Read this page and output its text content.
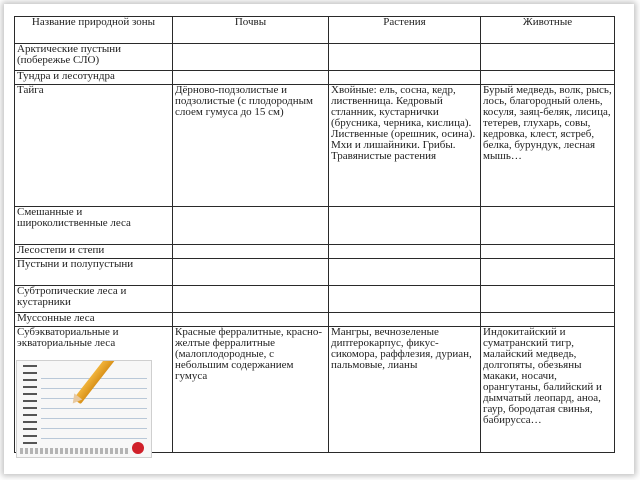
Название природной зоны	Почвы	Растения	Животные
Арктические пустыни (побережье СЛО)			
Тундра и лесотундра			
Тайга	Дёрново-подзолистые и подзолистые (с плодородным слоем гумуса до 15 см)	Хвойные: ель, сосна, кедр, лиственница. Кедровый стланник, кустарнички (брусника, черника, кислица). Лиственные (орешник, осина). Мхи и лишайники. Грибы. Травянистые растения	Бурый медведь, волк, рысь, лось, благородный олень, косуля, заяц-беляк, лисица, тетерев, глухарь, совы, кедровка, клест, ястреб, белка, бурундук, лесная мышь…
Смешанные и широколиственные леса			
Лесостепи и степи			
Пустыни и полупустыни			
Субтропические леса и кустарники			
Муссонные леса			
Субэкваториальные и экваториальные леса	Красные ферралитные, красно-желтые ферралитные (малоплодородные, с небольшим содержанием гумуса	Мангры, вечнозеленые диптерокарпус, фикус-сикомора, раффлезия, дуриан, пальмовые, лианы	Индокитайский и суматранский тигр, малайский медведь, долгопяты, обезьяны макаки, носачи, орангутаны, балийский и дымчатый леопард, аноа, гаур, бородатая свинья, бабирусса…
